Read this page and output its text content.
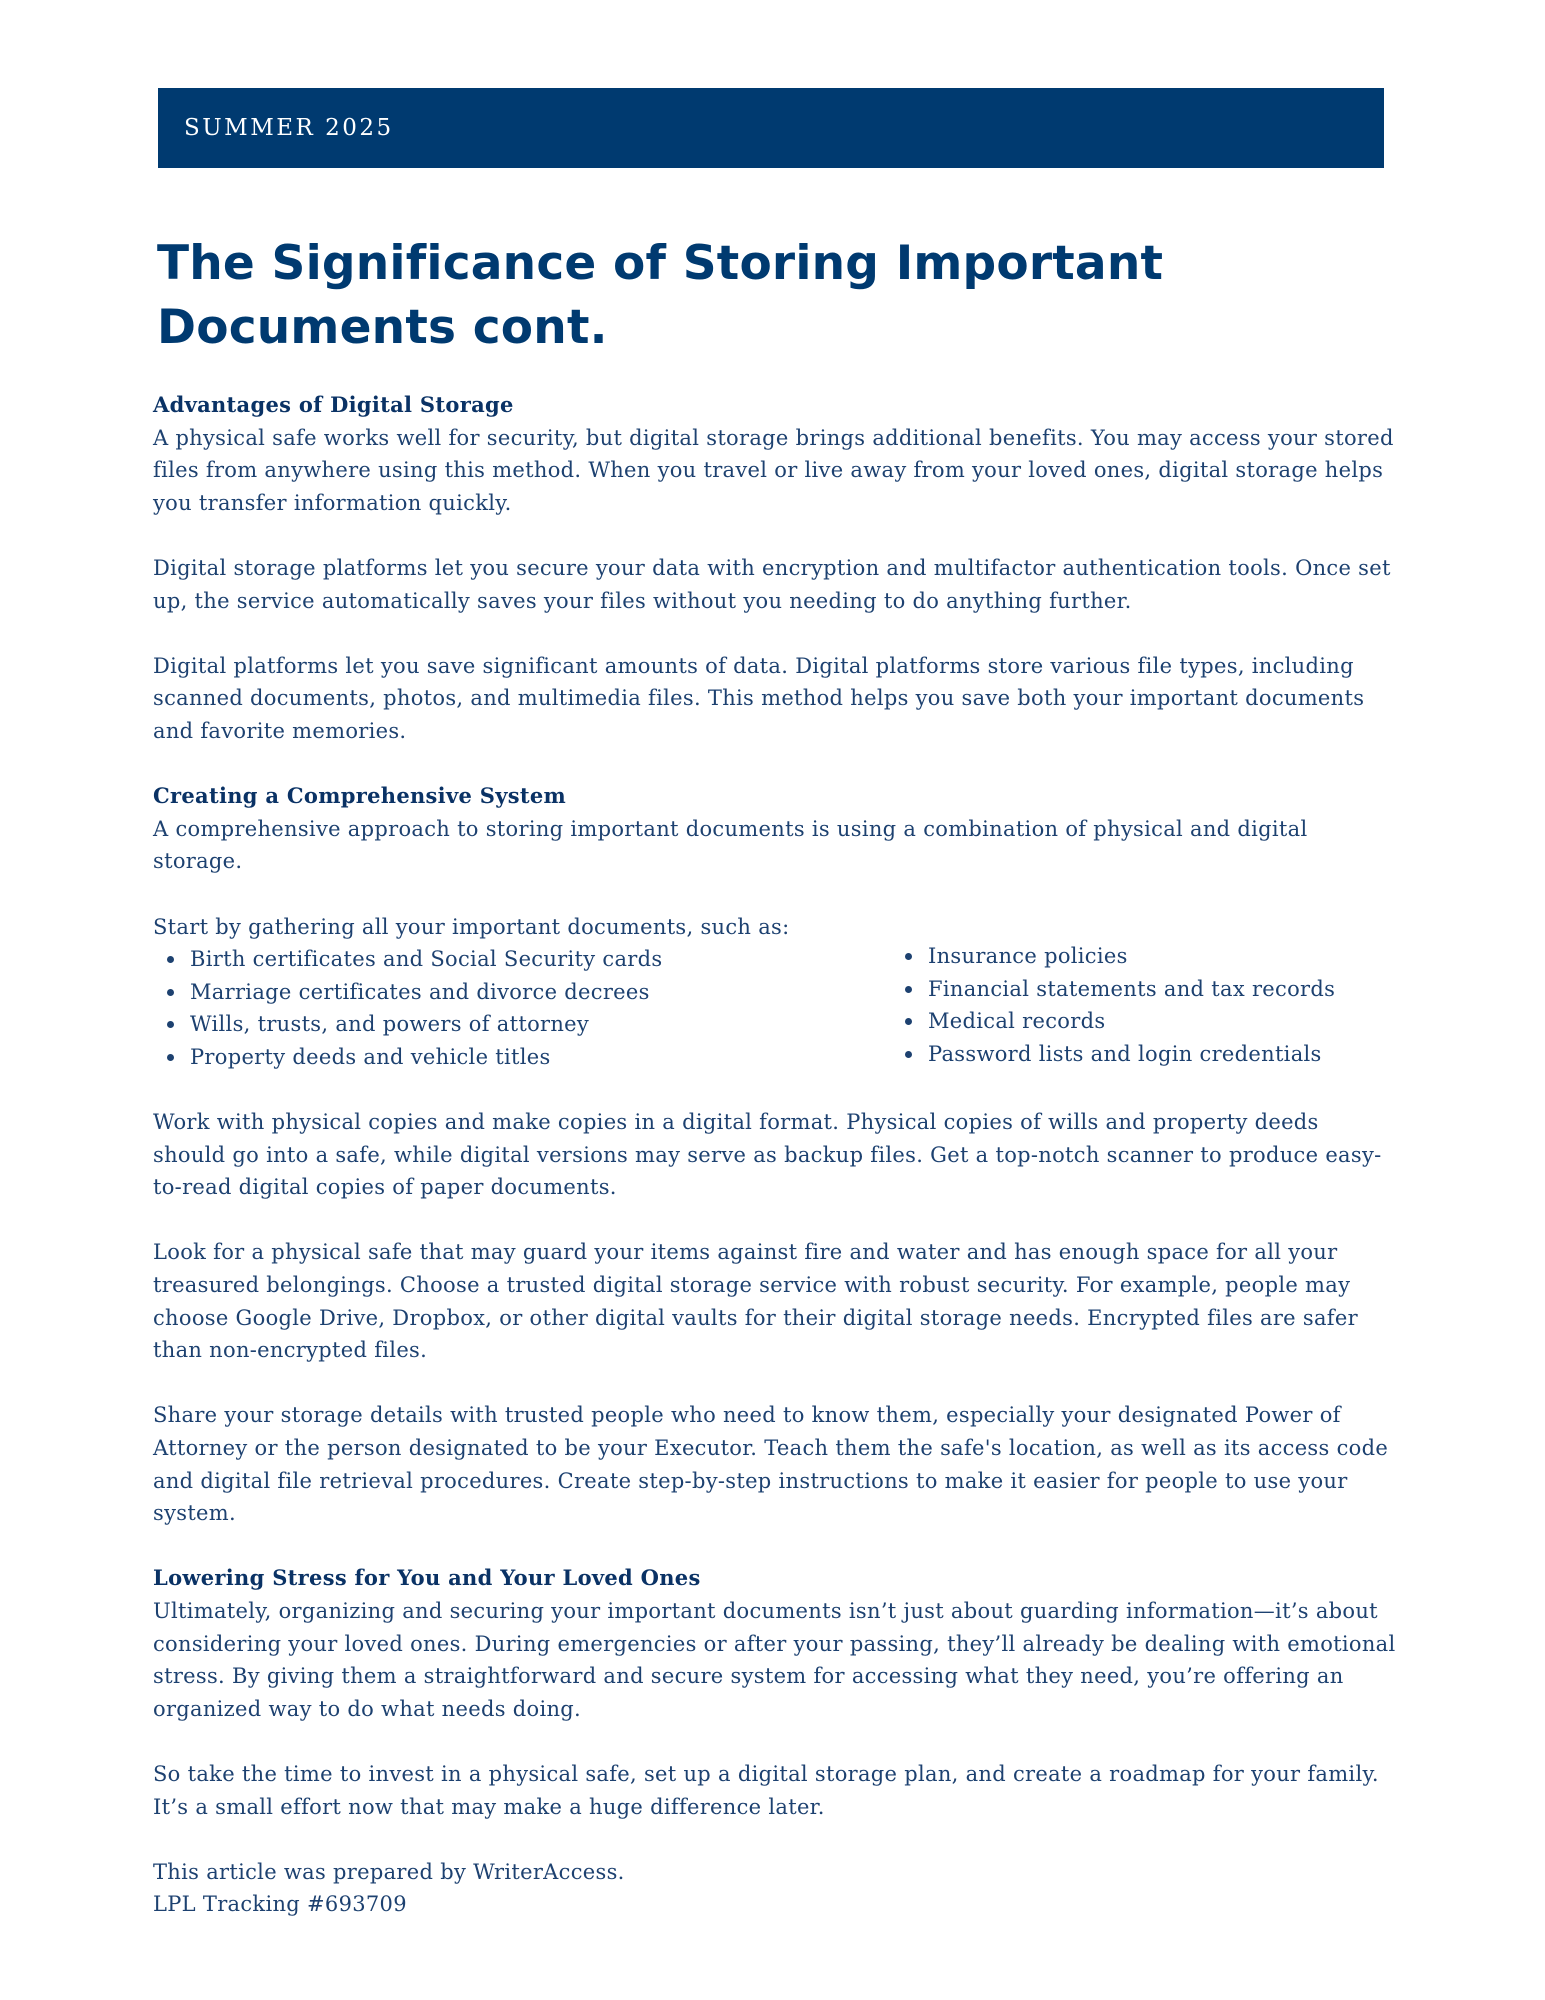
SUMMER 2025
The Significance of Storing Important
Documents cont.
Advantages of Digital Storage

A physical safe works well for security, but digital storage brings additional benefits. You may access your stored files from anywhere using this method. When you travel or live away from your loved ones, digital storage helps you transfer information quickly.

Digital storage platforms let you secure your data with encryption and multifactor authentication tools. Once set up, the service automatically saves your files without you needing to do anything further.

Digital platforms let you save significant amounts of data. Digital platforms store various file types, including scanned documents, photos, and multimedia files. This method helps you save both your important documents and favorite memories.

Creating a Comprehensive System

A comprehensive approach to storing important documents is using a combination of physical and digital storage.

Start by gathering all your important documents, such as:

Birth certificates and Social Security cards
Marriage certificates and divorce decrees
Wills, trusts, and powers of attorney
Property deeds and vehicle titles
Insurance policies
Financial statements and tax records
Medical records
Password lists and login credentials

Work with physical copies and make copies in a digital format. Physical copies of wills and property deeds should go into a safe, while digital versions may serve as backup files. Get a top-notch scanner to produce easy-to-read digital copies of paper documents.

Look for a physical safe that may guard your items against fire and water and has enough space for all your treasured belongings. Choose a trusted digital storage service with robust security. For example, people may choose Google Drive, Dropbox, or other digital vaults for their digital storage needs. Encrypted files are safer than non-encrypted files.

Share your storage details with trusted people who need to know them, especially your designated Power of Attorney or the person designated to be your Executor. Teach them the safe's location, as well as its access code and digital file retrieval procedures. Create step-by-step instructions to make it easier for people to use your system.

Lowering Stress for You and Your Loved Ones

Ultimately, organizing and securing your important documents isn’t just about guarding information—it’s about considering your loved ones. During emergencies or after your passing, they’ll already be dealing with emotional stress. By giving them a straightforward and secure system for accessing what they need, you’re offering an organized way to do what needs doing.

So take the time to invest in a physical safe, set up a digital storage plan, and create a roadmap for your family. It’s a small effort now that may make a huge difference later.

This article was prepared by WriterAccess.

LPL Tracking #693709
